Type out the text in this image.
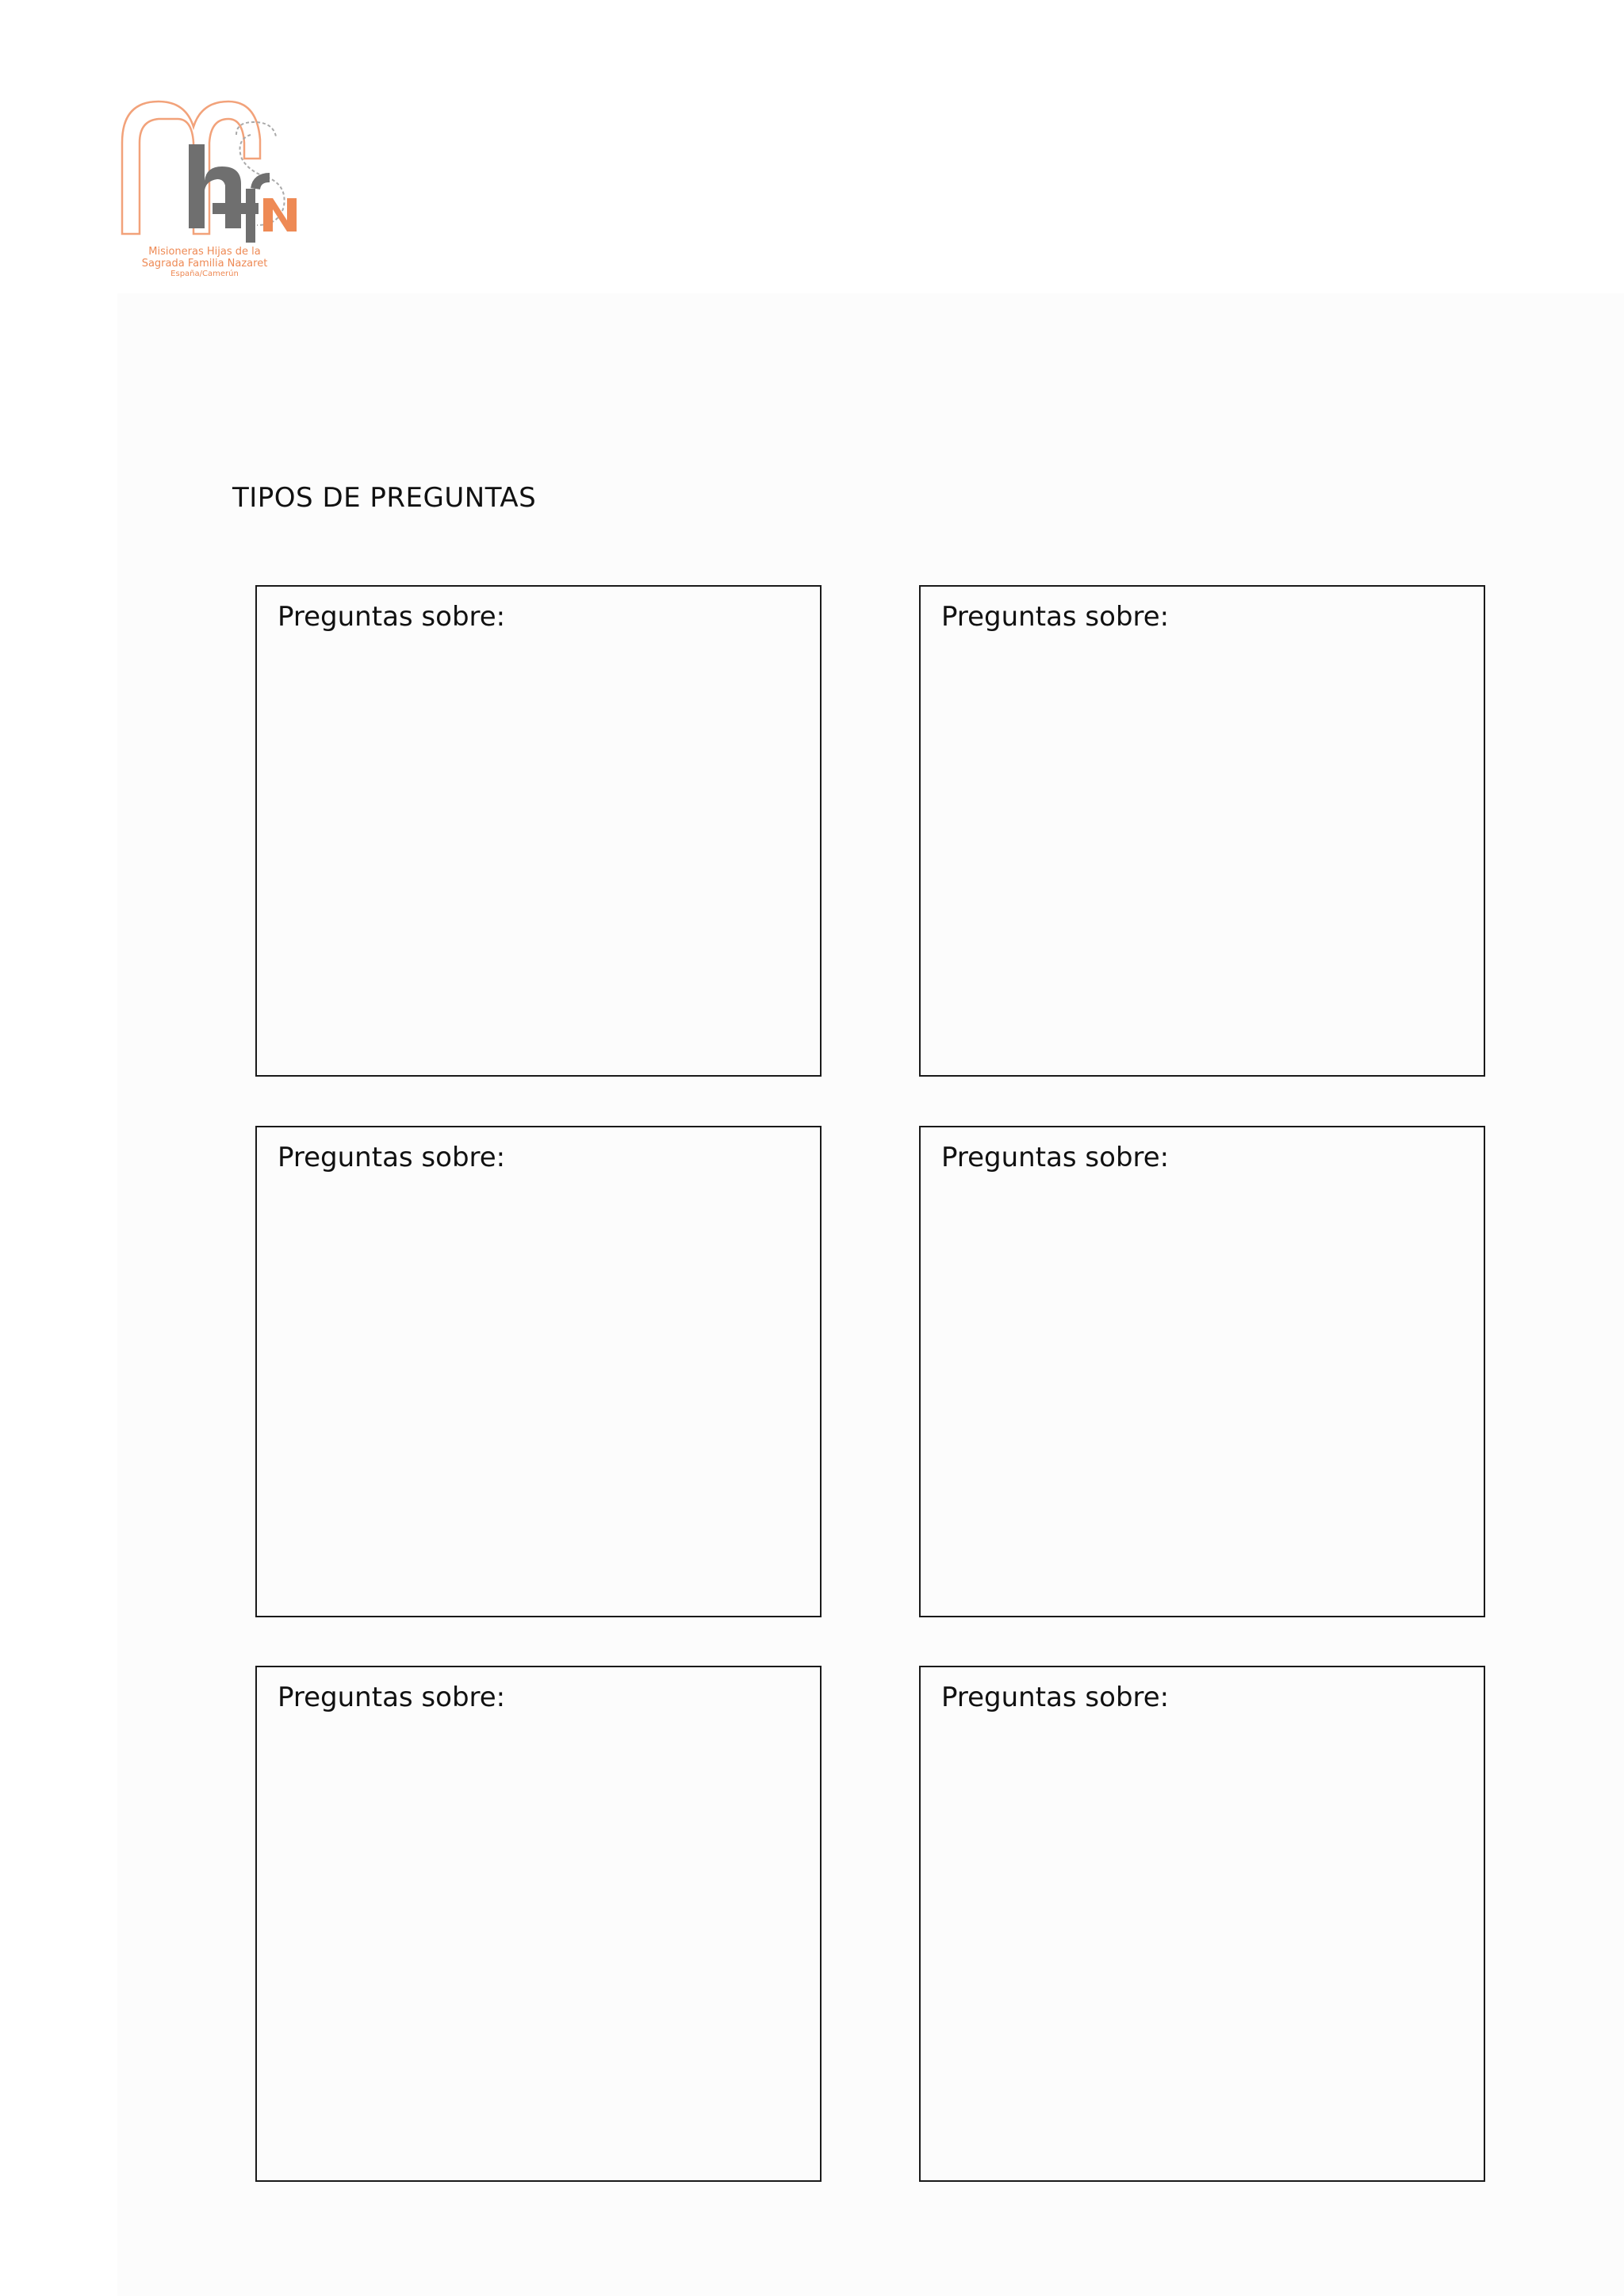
Misioneras Hijas de la
Sagrada Familia Nazaret
España/Camerún
TIPOS DE PREGUNTAS
Preguntas sobre:	Preguntas sobre:
Preguntas sobre:	Preguntas sobre:
Preguntas sobre:	Preguntas sobre:
